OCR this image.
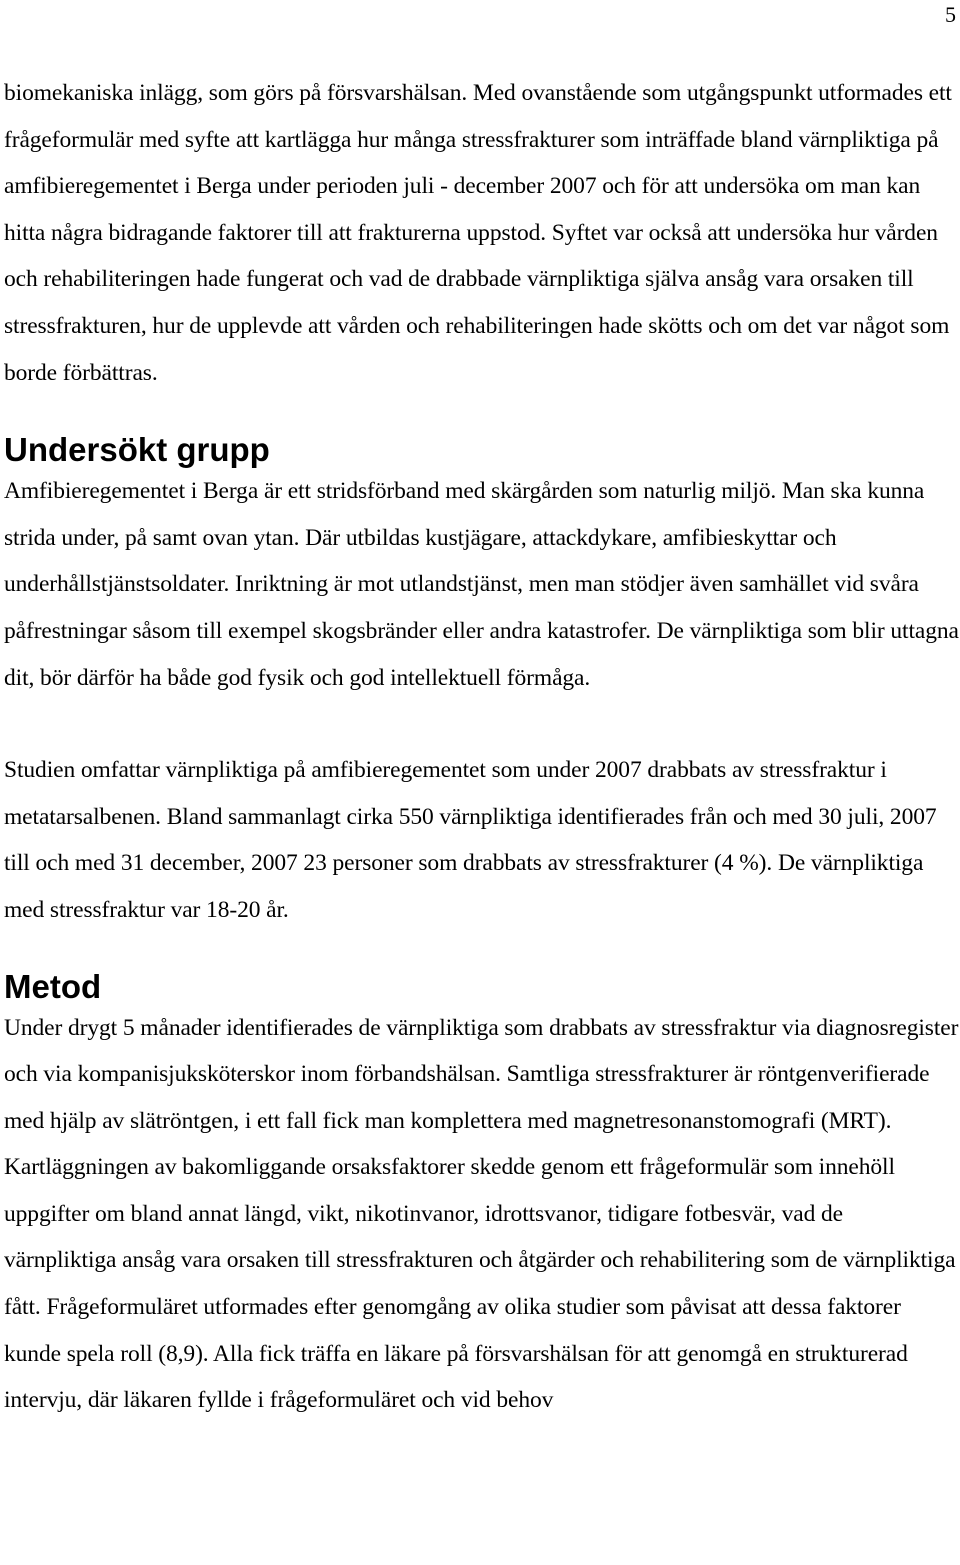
5

biomekaniska inlägg, som görs på försvarshälsan. Med ovanstående som utgångspunkt utformades ett frågeformulär med syfte att kartlägga hur många stressfrakturer som inträffade bland värnpliktiga på amfibieregementet i Berga under perioden juli - december 2007 och för att undersöka om man kan hitta några bidragande faktorer till att frakturerna uppstod. Syftet var också att undersöka hur vården och rehabiliteringen hade fungerat och vad de drabbade värnpliktiga själva ansåg vara orsaken till stressfrakturen, hur de upplevde att vården och rehabiliteringen hade skötts och om det var något som borde förbättras.

Undersökt grupp

Amfibieregementet i Berga är ett stridsförband med skärgården som naturlig miljö. Man ska kunna strida under, på samt ovan ytan. Där utbildas kustjägare, attackdykare, amfibieskyttar och underhållstjänstsoldater. Inriktning är mot utlandstjänst, men man stödjer även samhället vid svåra påfrestningar såsom till exempel skogsbränder eller andra katastrofer. De värnpliktiga som blir uttagna dit, bör därför ha både god fysik och god intellektuell förmåga.

Studien omfattar värnpliktiga på amfibieregementet som under 2007 drabbats av stressfraktur i metatarsalbenen. Bland sammanlagt cirka 550 värnpliktiga identifierades från och med 30 juli, 2007 till och med 31 december, 2007 23 personer som drabbats av stressfrakturer (4 %). De värnpliktiga med stressfraktur var 18-20 år.

Metod

Under drygt 5 månader identifierades de värnpliktiga som drabbats av stressfraktur via diagnosregister och via kompanisjuksköterskor inom förbandshälsan. Samtliga stressfrakturer är röntgenverifierade med hjälp av slätröntgen, i ett fall fick man komplettera med magnetresonanstomografi (MRT). Kartläggningen av bakomliggande orsaksfaktorer skedde genom ett frågeformulär som innehöll uppgifter om bland annat längd, vikt, nikotinvanor, idrottsvanor, tidigare fotbesvär, vad de värnpliktiga ansåg vara orsaken till stressfrakturen och åtgärder och rehabilitering som de värnpliktiga fått. Frågeformuläret utformades efter genomgång av olika studier som påvisat att dessa faktorer kunde spela roll (8,9). Alla fick träffa en läkare på försvarshälsan för att genomgå en strukturerad intervju, där läkaren fyllde i frågeformuläret och vid behov
